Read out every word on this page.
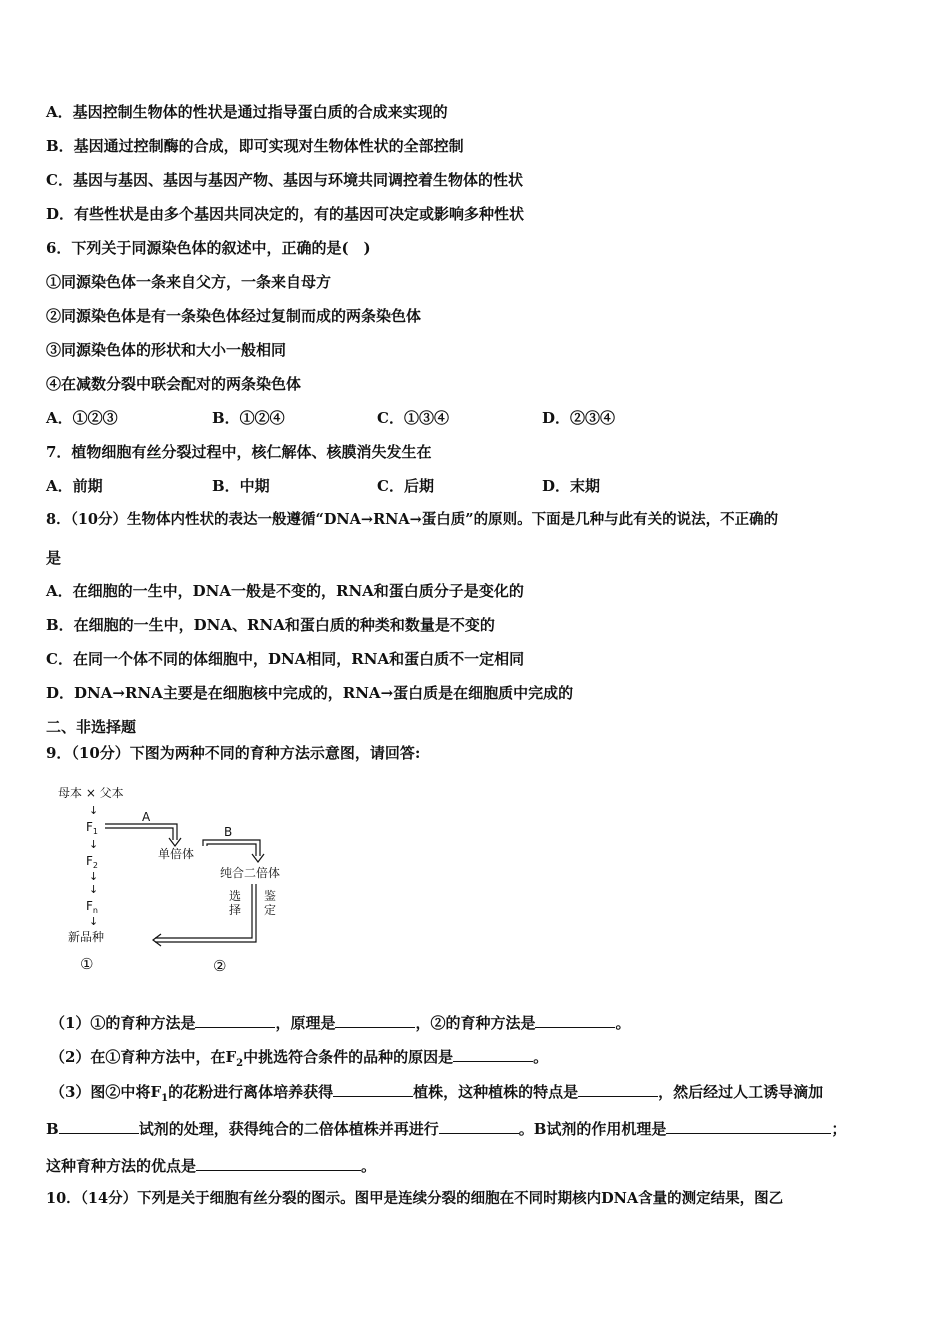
A．基因控制生物体的性状是通过指导蛋白质的合成来实现的
B．基因通过控制酶的合成，即可实现对生物体性状的全部控制
C．基因与基因、基因与基因产物、基因与环境共同调控着生物体的性状
D．有些性状是由多个基因共同决定的，有的基因可决定或影响多种性状
6．下列关于同源染色体的叙述中，正确的是(　)
①同源染色体一条来自父方，一条来自母方
②同源染色体是有一条染色体经过复制而成的两条染色体
③同源染色体的形状和大小一般相同
④在减数分裂中联会配对的两条染色体
A．①②③	B．①②④	C．①③④	D．②③④
7．植物细胞有丝分裂过程中，核仁解体、核膜消失发生在
A．前期	B．中期	C．后期	D．末期
8．（10分）生物体内性状的表达一般遵循“DNA→RNA→蛋白质”的原则。下面是几种与此有关的说法，不正确的
是
A．在细胞的一生中，DNA一般是不变的，RNA和蛋白质分子是变化的
B．在细胞的一生中，DNA、RNA和蛋白质的种类和数量是不变的
C．在同一个体不同的体细胞中，DNA相同，RNA和蛋白质不一定相同
D．DNA→RNA主要是在细胞核中完成的，RNA→蛋白质是在细胞质中完成的
二、非选择题
9．（10分）下图为两种不同的育种方法示意图，请回答:
母本 × 父本
↓
$F_1$
↓
$F_2$
↓
↓
$F_n$
↓
新品种
①
A
单倍体
B
纯合二倍体
选择
鉴定
②
（1）①的育种方法是	，原理是	，②的育种方法是	。
（2）在①育种方法中，在$F_2$中挑选符合条件的品种的原因是	。
（3）图②中将$F_1$的花粉进行离体培养获得	植株，这种植株的特点是	，然后经过人工诱导滴加
B	试剂的处理，获得纯合的二倍体植株并再进行	。B试剂的作用机理是	；
这种育种方法的优点是	。
10．（14分）下列是关于细胞有丝分裂的图示。图甲是连续分裂的细胞在不同时期核内DNA含量的测定结果，图乙
